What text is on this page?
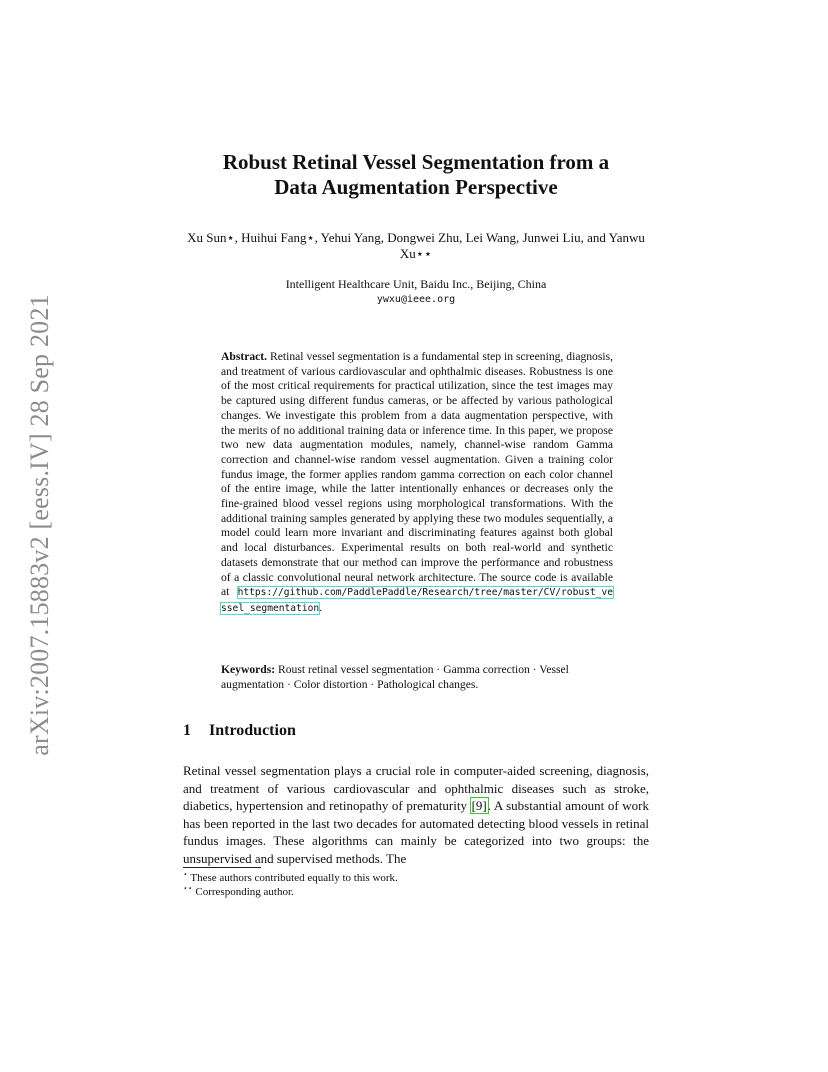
arXiv:2007.15883v2 [eess.IV] 28 Sep 2021
Robust Retinal Vessel Segmentation from a
Data Augmentation Perspective
Xu Sun⋆, Huihui Fang⋆, Yehui Yang, Dongwei Zhu, Lei Wang, Junwei Liu, and Yanwu Xu⋆⋆
Intelligent Healthcare Unit, Baidu Inc., Beijing, China
ywxu@ieee.org

Abstract. Retinal vessel segmentation is a fundamental step in screening, diagnosis, and treatment of various cardiovascular and ophthalmic diseases. Robustness is one of the most critical requirements for practical utilization, since the test images may be captured using different fundus cameras, or be affected by various pathological changes. We investigate this problem from a data augmentation perspective, with the merits of no additional training data or inference time. In this paper, we propose two new data augmentation modules, namely, channel-wise random Gamma correction and channel-wise random vessel augmentation. Given a training color fundus image, the former applies random gamma correction on each color channel of the entire image, while the latter intentionally enhances or decreases only the fine-grained blood vessel regions using morphological transformations. With the additional training samples generated by applying these two modules sequentially, a model could learn more invariant and discriminating features against both global and local disturbances. Experimental results on both real-world and synthetic datasets demonstrate that our method can improve the performance and robustness of a classic convolutional neural network architecture. The source code is available at https://github.com/PaddlePaddle/Research/tree/master/CV/robust_vessel_segmentation.

Keywords: Roust retinal vessel segmentation · Gamma correction · Vessel augmentation · Color distortion · Pathological changes.

1 Introduction

Retinal vessel segmentation plays a crucial role in computer-aided screening, diagnosis, and treatment of various cardiovascular and ophthalmic diseases such as stroke, diabetics, hypertension and retinopathy of prematurity [9]. A substantial amount of work has been reported in the last two decades for automated detecting blood vessels in retinal fundus images. These algorithms can mainly be categorized into two groups: the unsupervised and supervised methods. The

⋆ These authors contributed equally to this work.
⋆⋆ Corresponding author.
